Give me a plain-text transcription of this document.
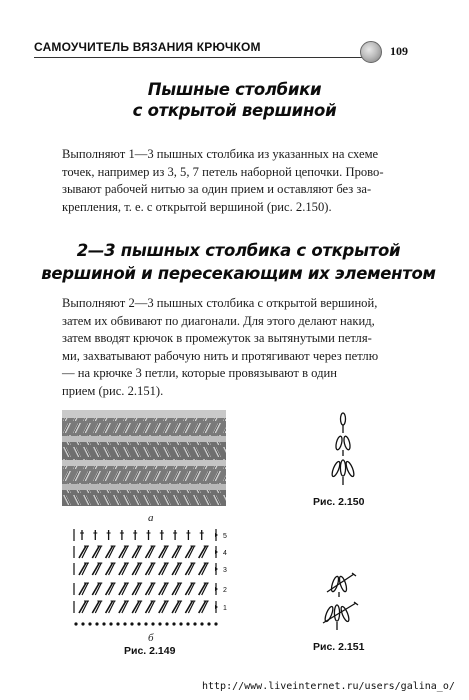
САМОУЧИТЕЛЬ ВЯЗАНИЯ КРЮЧКОМ	109
Пышные столбики
с открытой вершиной
Выполняют 1—3 пышных столбика из указанных на схеме
точек, например из 3, 5, 7 петель наборной цепочки. Прово-
зывают рабочей нитью за один прием и оставляют без за-
крепления, т. е. с открытой вершиной (рис. 2.150).
2—3 пышных столбика с открытой
вершиной и пересекающим их элементом
Выполняют 2—3 пышных столбика с открытой вершиной,
затем их обвивают по диагонали. Для этого делают накид,
затем вводят крючок в промежуток за вытянутыми петля-
ми, захватывают рабочую нить и протягивают через петлю
— на крючке 3 петли, которые провязывают в один
прием (рис. 2.151).
а
5
4
3
2
1
б
Рис. 2.149
Рис. 2.150
Рис. 2.151
http://www.liveinternet.ru/users/galina_o/
